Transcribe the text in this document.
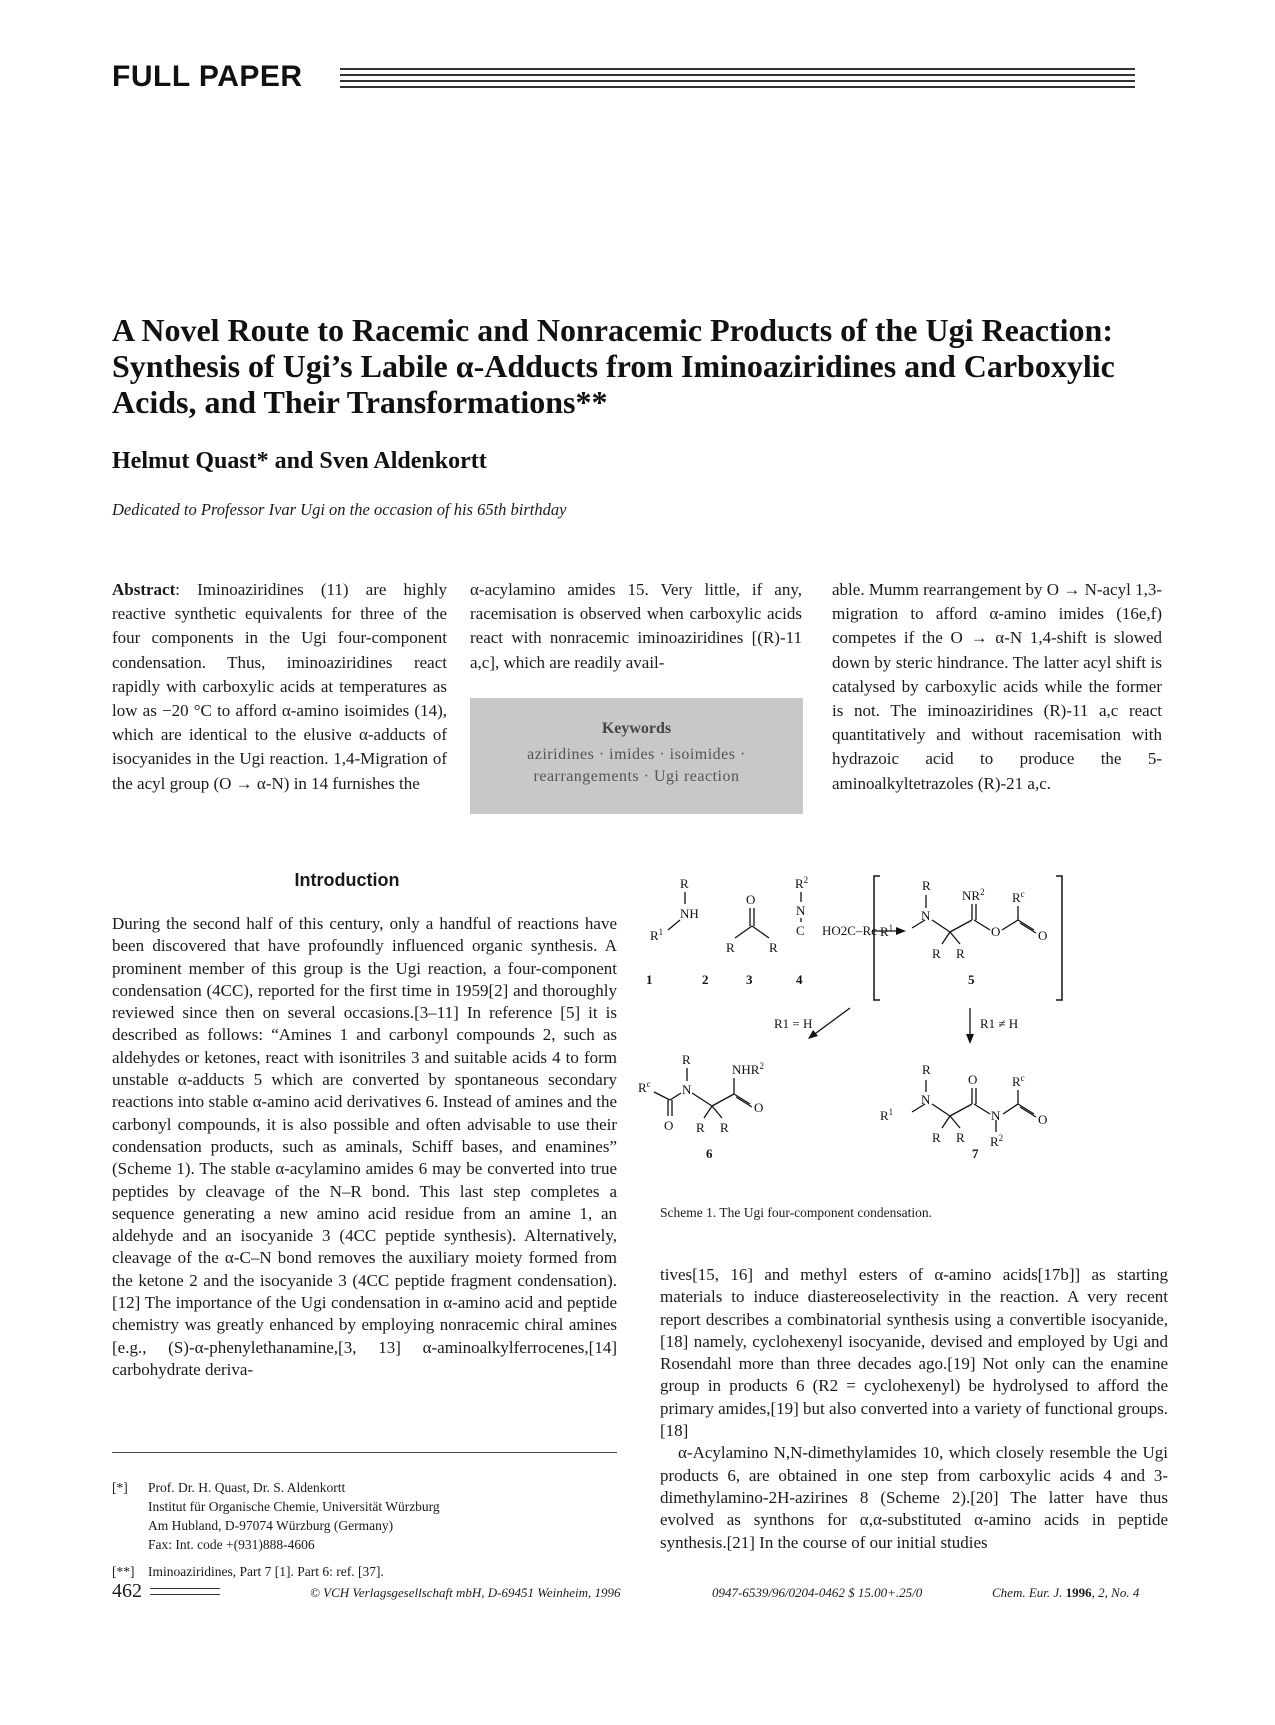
FULL PAPER
A Novel Route to Racemic and Nonracemic Products of the Ugi Reaction: Synthesis of Ugi’s Labile α-Adducts from Iminoaziridines and Carboxylic Acids, and Their Transformations**
Helmut Quast* and Sven Aldenkortt
Dedicated to Professor Ivar Ugi on the occasion of his 65th birthday
Abstract: Iminoaziridines (11) are highly reactive synthetic equivalents for three of the four components in the Ugi four-component condensation. Thus, iminoaziridines react rapidly with carboxylic acids at temperatures as low as −20 °C to afford α-amino isoimides (14), which are identical to the elusive α-adducts of isocyanides in the Ugi reaction. 1,4-Migration of the acyl group (O → α-N) in 14 furnishes the
α-acylamino amides 15. Very little, if any, racemisation is observed when carboxylic acids react with nonracemic iminoaziridines [(R)-11 a,c], which are readily avail-
able. Mumm rearrangement by O → N-acyl 1,3-migration to afford α-amino imides (16e,f) competes if the O → α-N 1,4-shift is slowed down by steric hindrance. The latter acyl shift is catalysed by carboxylic acids while the former is not. The iminoaziridines (R)-11 a,c react quantitatively and without racemisation with hydrazoic acid to produce the 5-aminoalkyltetrazoles (R)-21 a,c.
Keywords
aziridines · imides · isoimides ·
rearrangements · Ugi reaction
Introduction
During the second half of this century, only a handful of reactions have been discovered that have profoundly influenced organic synthesis. A prominent member of this group is the Ugi reaction, a four-component condensation (4CC), reported for the first time in 1959[2] and thoroughly reviewed since then on several occasions.[3–11] In reference [5] it is described as follows: “Amines 1 and carbonyl compounds 2, such as aldehydes or ketones, react with isonitriles 3 and suitable acids 4 to form unstable α-adducts 5 which are converted by spontaneous secondary reactions into stable α-amino acid derivatives 6. Instead of amines and the carbonyl compounds, it is also possible and often advisable to use their condensation products, such as aminals, Schiff bases, and enamines” (Scheme 1). The stable α-acylamino amides 6 may be converted into true peptides by cleavage of the N–R bond. This last step completes a sequence generating a new amino acid residue from an amine 1, an aldehyde and an isocyanide 3 (4CC peptide synthesis). Alternatively, cleavage of the α-C–N bond removes the auxiliary moiety formed from the ketone 2 and the isocyanide 3 (4CC peptide fragment condensation).[12] The importance of the Ugi condensation in α-amino acid and peptide chemistry was greatly enhanced by employing nonracemic chiral amines [e.g., (S)-α-phenylethanamine,[3, 13] α-aminoalkylferrocenes,[14] carbohydrate deriva-

tives[15, 16] and methyl esters of α-amino acids[17b]] as starting materials to induce diastereoselectivity in the reaction. A very recent report describes a combinatorial synthesis using a convertible isocyanide,[18] namely, cyclohexenyl isocyanide, devised and employed by Ugi and Rosendahl more than three decades ago.[19] Not only can the enamine group in products 6 (R2 = cyclohexenyl) be hydrolysed to afford the primary amides,[19] but also converted into a variety of functional groups.[18]

α-Acylamino N,N-dimethylamides 10, which closely resemble the Ugi products 6, are obtained in one step from carboxylic acids 4 and 3-dimethylamino-2H-azirines 8 (Scheme 2).[20] The latter have thus evolved as synthons for α,α-substituted α-amino acids in peptide synthesis.[21] In the course of our initial studies

R
NH
$R^1$
O
R	R
$R^2$
N
C HO2C–Rc
1	2	3	4
R
N
$R^1$
$NR^2$
O
$R^c$
O
R R
5
R1 = H	R1 ≠ H
R
N
$R^c$
O
NHR$^2$
O
R R
6
R
N
$R^1$
O
N
$R^c$
O
$R^2$
R R
7
Scheme 1. The Ugi four-component condensation.
[*]	Prof. Dr. H. Quast, Dr. S. Aldenkortt
Institut für Organische Chemie, Universität Würzburg
Am Hubland, D-97074 Würzburg (Germany)
Fax: Int. code +(931)888-4606
[**]	Iminoaziridines, Part 7 [1]. Part 6: ref. [37].
462	© VCH Verlagsgesellschaft mbH, D-69451 Weinheim, 1996	0947-6539/96/0204-0462 $ 15.00+.25/0	Chem. Eur. J. 1996, 2, No. 4
